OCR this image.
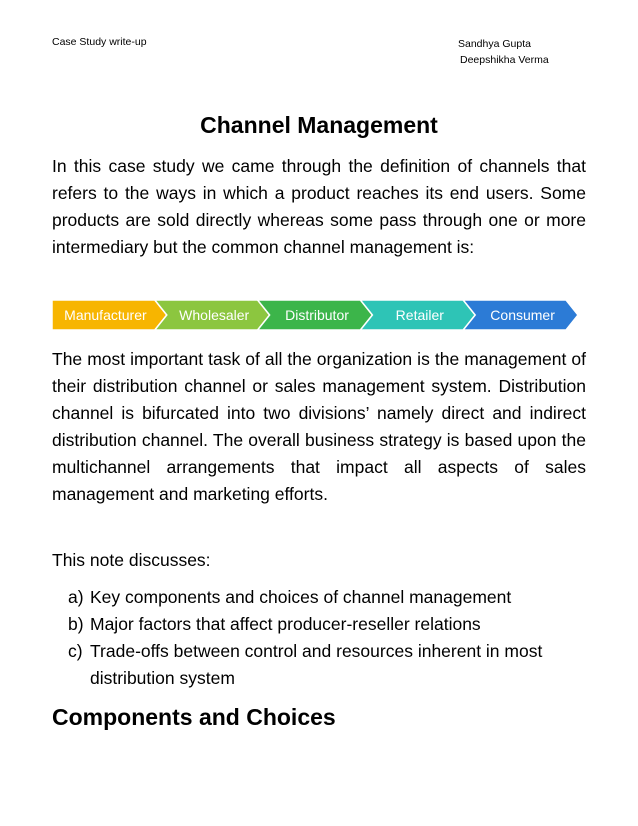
Case Study write-up	Sandhya Gupta
Deepshikha Verma
Channel Management

In this case study we came through the definition of channels that refers to the ways in which a product reaches its end users. Some products are sold directly whereas some pass through one or more intermediary but the common channel management is:

Manufacturer Wholesaler	Distributor	Retailer	Consumer

The most important task of all the organization is the management of their distribution channel or sales management system. Distribution channel is bifurcated into two divisions’ namely direct and indirect distribution channel. The overall business strategy is based upon the multichannel arrangements that impact all aspects of sales management and marketing efforts.

This note discusses:

a) Key components and choices of channel management
b) Major factors that affect producer-reseller relations
c) Trade-offs between control and resources inherent in most distribution system
Components and Choices
